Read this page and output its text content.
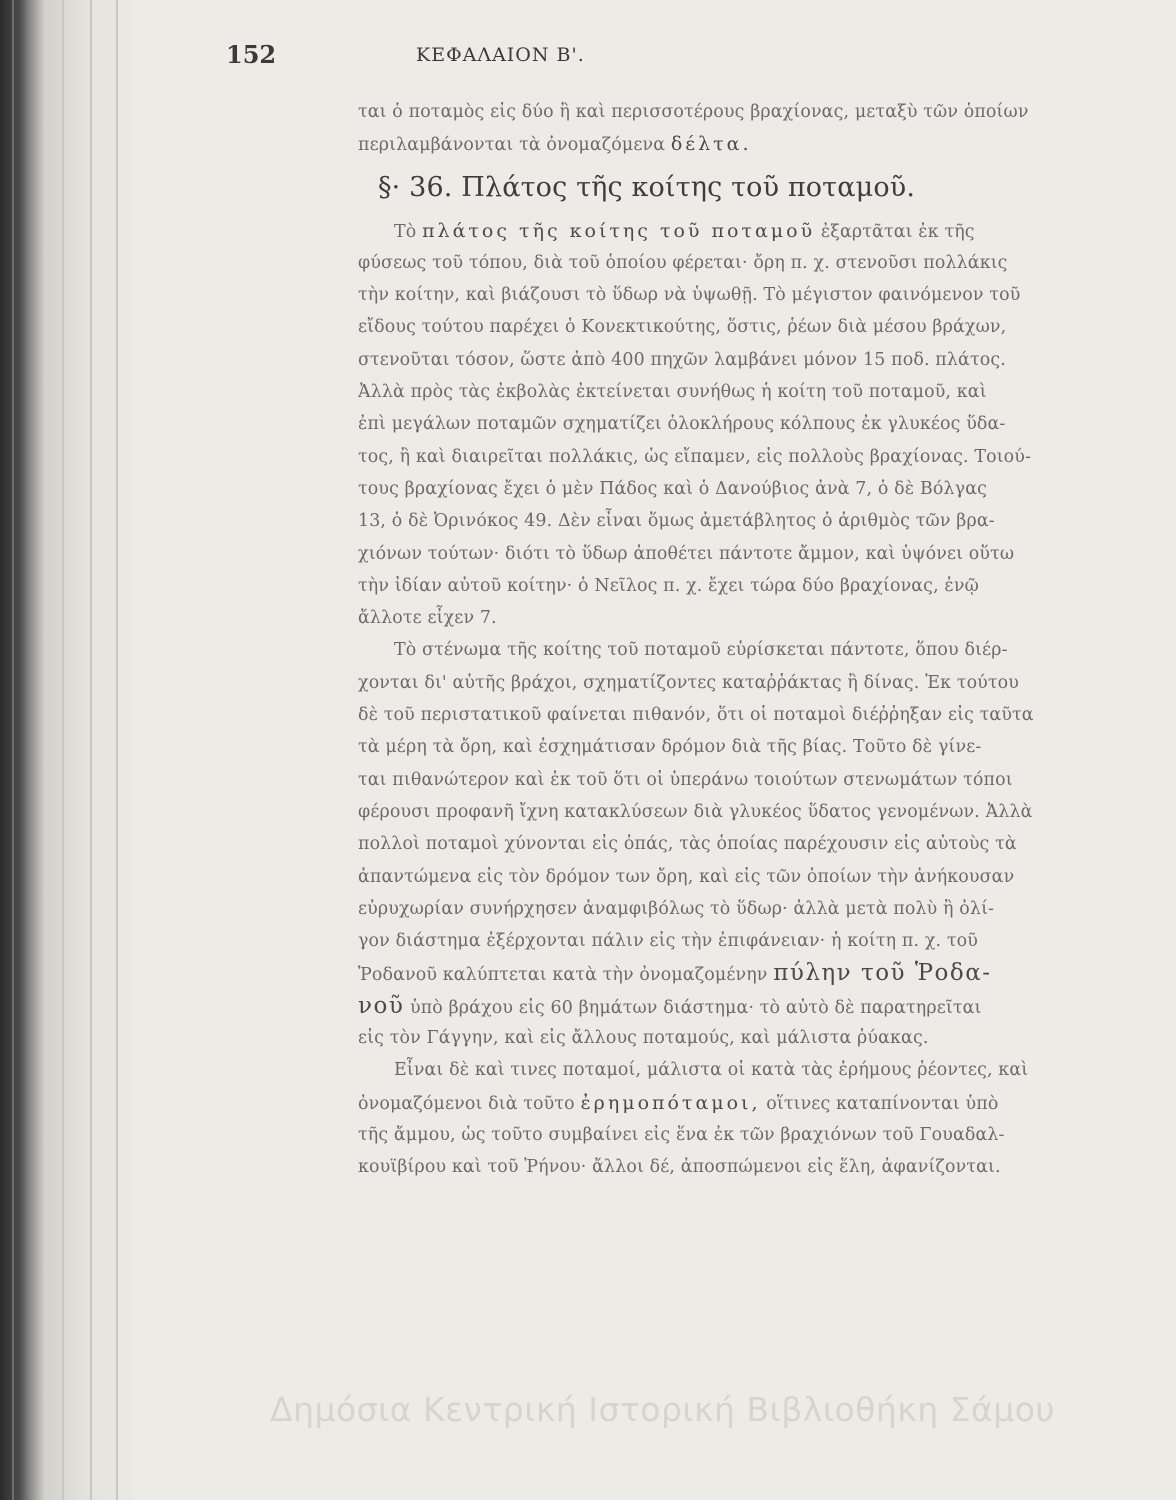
152	ΚΕΦΑΛΑΙΟΝ Β'.
ται ὁ ποταμὸς εἰς δύο ἢ καὶ περισσοτέρους βραχίονας, μεταξὺ τῶν ὁποίων
περιλαμβάνονται τὰ ὀνομαζόμενα δέλτα.
§· 36. Πλάτος τῆς κοίτης τοῦ ποταμοῦ.
Τὸ πλάτος τῆς κοίτης τοῦ ποταμοῦ ἐξαρτᾶται ἐκ τῆς
φύσεως τοῦ τόπου, διὰ τοῦ ὁποίου φέρεται· ὄρη π. χ. στενοῦσι πολλάκις
τὴν κοίτην, καὶ βιάζουσι τὸ ὕδωρ νὰ ὑψωθῇ. Τὸ μέγιστον φαινόμενον τοῦ
εἴδους τούτου παρέχει ὁ Κονεκτικούτης, ὅστις, ῥέων διὰ μέσου βράχων,
στενοῦται τόσον, ὥστε ἀπὸ 400 πηχῶν λαμβάνει μόνον 15 ποδ. πλάτος.
Ἀλλὰ πρὸς τὰς ἐκβολὰς ἐκτείνεται συνήθως ἡ κοίτη τοῦ ποταμοῦ, καὶ
ἐπὶ μεγάλων ποταμῶν σχηματίζει ὁλοκλήρους κόλπους ἐκ γλυκέος ὕδα-
τος, ἢ καὶ διαιρεῖται πολλάκις, ὡς εἴπαμεν, εἰς πολλοὺς βραχίονας. Τοιού-
τους βραχίονας ἔχει ὁ μὲν Πάδος καὶ ὁ Δανούβιος ἀνὰ 7, ὁ δὲ Βόλγας
13, ὁ δὲ Ὀρινόκος 49. Δὲν εἶναι ὅμως ἀμετάβλητος ὁ ἀριθμὸς τῶν βρα-
χιόνων τούτων· διότι τὸ ὕδωρ ἀποθέτει πάντοτε ἄμμον, καὶ ὑψόνει οὕτω
τὴν ἰδίαν αὐτοῦ κοίτην· ὁ Νεῖλος π. χ. ἔχει τώρα δύο βραχίονας, ἐνῷ
ἄλλοτε εἶχεν 7.
Τὸ στένωμα τῆς κοίτης τοῦ ποταμοῦ εὑρίσκεται πάντοτε, ὅπου διέρ-
χονται δι' αὐτῆς βράχοι, σχηματίζοντες καταῤῥάκτας ἢ δίνας. Ἐκ τούτου
δὲ τοῦ περιστατικοῦ φαίνεται πιθανόν, ὅτι οἱ ποταμοὶ διέῤῥηξαν εἰς ταῦτα
τὰ μέρη τὰ ὄρη, καὶ ἐσχημάτισαν δρόμον διὰ τῆς βίας. Τοῦτο δὲ γίνε-
ται πιθανώτερον καὶ ἐκ τοῦ ὅτι οἱ ὑπεράνω τοιούτων στενωμάτων τόποι
φέρουσι προφανῆ ἴχνη κατακλύσεων διὰ γλυκέος ὕδατος γενομένων. Ἀλλὰ
πολλοὶ ποταμοὶ χύνονται εἰς ὀπάς, τὰς ὁποίας παρέχουσιν εἰς αὐτοὺς τὰ
ἀπαντώμενα εἰς τὸν δρόμον των ὄρη, καὶ εἰς τῶν ὁποίων τὴν ἀνήκουσαν
εὐρυχωρίαν συνήρχησεν ἀναμφιβόλως τὸ ὕδωρ· ἀλλὰ μετὰ πολὺ ἢ ὀλί-
γον διάστημα ἐξέρχονται πάλιν εἰς τὴν ἐπιφάνειαν· ἡ κοίτη π. χ. τοῦ
Ῥοδανοῦ καλύπτεται κατὰ τὴν ὀνομαζομένην πύλην τοῦ Ῥοδα-
νοῦ ὑπὸ βράχου εἰς 60 βημάτων διάστημα· τὸ αὐτὸ δὲ παρατηρεῖται
εἰς τὸν Γάγγην, καὶ εἰς ἄλλους ποταμούς, καὶ μάλιστα ῥύακας.
Εἶναι δὲ καὶ τινες ποταμοί, μάλιστα οἱ κατὰ τὰς ἐρήμους ῥέοντες, καὶ
ὀνομαζόμενοι διὰ τοῦτο ἐρημοπόταμοι, οἵτινες καταπίνονται ὑπὸ
τῆς ἄμμου, ὡς τοῦτο συμβαίνει εἰς ἕνα ἐκ τῶν βραχιόνων τοῦ Γουαδαλ-
κουϊβίρου καὶ τοῦ Ῥήνου· ἄλλοι δέ, ἀποσπώμενοι εἰς ἕλη, ἀφανίζονται.
Δημόσια Κεντρική Ιστορική Βιβλιοθήκη Σάμου
